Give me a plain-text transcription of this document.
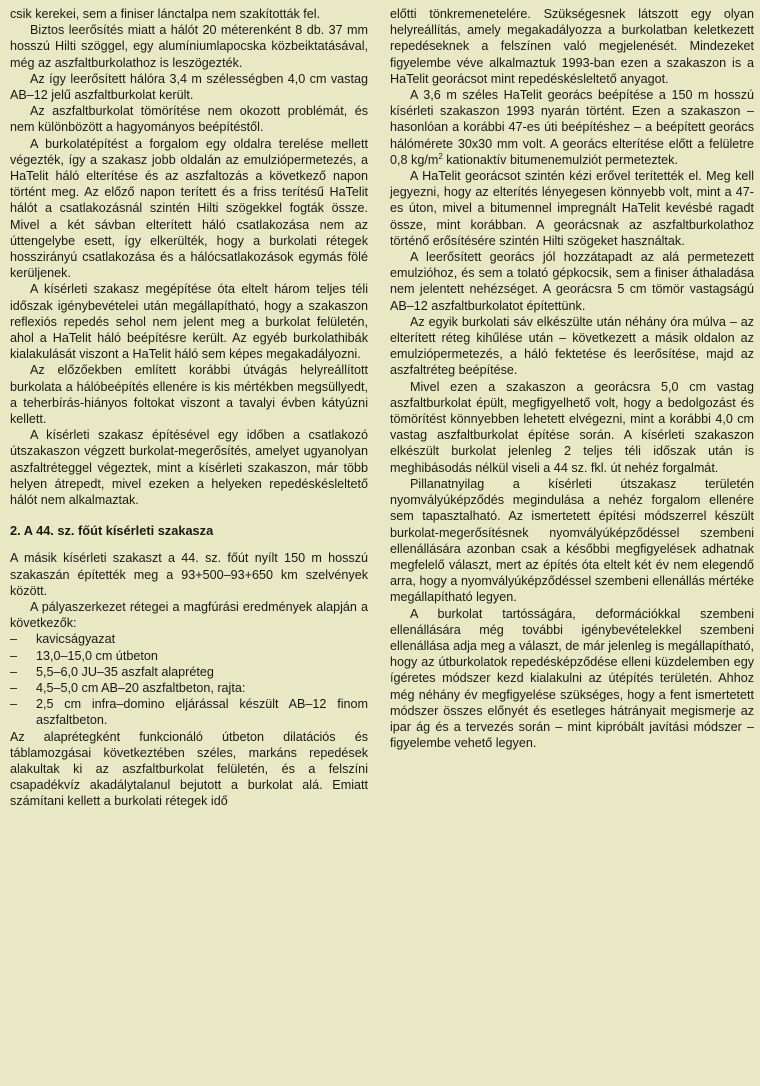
csik kerekei, sem a finiser lánctalpa nem szakították fel.

Biztos leerősítés miatt a hálót 20 méterenként 8 db. 37 mm hosszú Hilti szöggel, egy alumíniumlapocska közbeiktatásával, még az aszfaltburkolathoz is leszögezték.

Az így leerősített hálóra 3,4 m szélességben 4,0 cm vastag AB–12 jelű aszfaltburkolat került.

Az aszfaltburkolat tömörítése nem okozott problémát, és nem különbözött a hagyományos beépítéstől.

A burkolatépítést a forgalom egy oldalra terelése mellett végezték, így a szakasz jobb oldalán az emulziópermetezés, a HaTelit háló elterítése és az aszfaltozás a következő napon történt meg. Az előző napon terített és a friss terítésű HaTelit hálót a csatlakozásnál szintén Hilti szögekkel fogták össze. Mivel a két sávban elterített háló csatlakozása nem az úttengelybe esett, így elkerülték, hogy a burkolati rétegek hosszirányú csatlakozása és a hálócsatlakozások egymás fölé kerüljenek.

A kísérleti szakasz megépítése óta eltelt három teljes téli időszak igénybevételei után megállapítható, hogy a szakaszon reflexiós repedés sehol nem jelent meg a burkolat felületén, ahol a HaTelit háló beépítésre került. Az egyéb burkolathibák kialakulását viszont a HaTelit háló sem képes megakadályozni.

Az előzőekben említett korábbi útvágás helyreállított burkolata a hálóbeépítés ellenére is kis mértékben megsüllyedt, a teherbírás-hiányos foltokat viszont a tavalyi évben kátyúzni kellett.

A kísérleti szakasz építésével egy időben a csatlakozó útszakaszon végzett burkolat-megerősítés, amelyet ugyanolyan aszfaltréteggel végeztek, mint a kísérleti szakaszon, már több helyen átrepedt, mivel ezeken a helyeken repedéskésleltető hálót nem alkalmaztak.

2. A 44. sz. főút kísérleti szakasza

A másik kísérleti szakaszt a 44. sz. főút nyílt 150 m hosszú szakaszán építették meg a 93+500–93+650 km szelvények között.

A pályaszerkezet rétegei a magfúrási eredmények alapján a következők:

–	kavicságyazat
–	13,0–15,0 cm útbeton
–	5,5–6,0 JU–35 aszfalt alapréteg
–	4,5–5,0 cm AB–20 aszfaltbeton, rajta:
–	2,5 cm infra–domino eljárással készült AB–12 finom aszfaltbeton.

Az alaprétegként funkcionáló útbeton dilatációs és táblamozgásai következtében széles, markáns repedések alakultak ki az aszfaltburkolat felületén, és a felszíni csapadékvíz akadálytalanul bejutott a burkolat alá. Emiatt számítani kellett a burkolati rétegek idő

előtti tönkremenetelére. Szükségesnek látszott egy olyan helyreállítás, amely megakadályozza a burkolatban keletkezett repedéseknek a felszínen való megjelenését. Mindezeket figyelembe véve alkalmaztuk 1993-ban ezen a szakaszon is a HaTelit georácsot mint repedéskésleltető anyagot.

A 3,6 m széles HaTelit georács beépítése a 150 m hosszú kísérleti szakaszon 1993 nyarán történt. Ezen a szakaszon – hasonlóan a korábbi 47-es úti beépítéshez – a beépített georács hálómérete 30x30 mm volt. A georács elterítése előtt a felületre 0,8 $kg/m^2$ kationaktív bitumenemulziót permeteztek.

A HaTelit georácsot szintén kézi erővel terítették el. Meg kell jegyezni, hogy az elterítés lényegesen könnyebb volt, mint a 47-es úton, mivel a bitumennel impregnált HaTelit kevésbé ragadt össze, mint korábban. A georácsnak az aszfaltburkolathoz történő erősítésére szintén Hilti szögeket használtak.

A leerősített georács jól hozzátapadt az alá permetezett emulzióhoz, és sem a tolató gépkocsik, sem a finiser áthaladása nem jelentett nehézséget. A georácsra 5 cm tömör vastagságú AB–12 aszfaltburkolatot építettünk.

Az egyik burkolati sáv elkészülte után néhány óra múlva – az elterített réteg kihűlése után – következett a másik oldalon az emulziópermetezés, a háló fektetése és leerősítése, majd az aszfaltréteg beépítése.

Mivel ezen a szakaszon a georácsra 5,0 cm vastag aszfaltburkolat épült, megfigyelhető volt, hogy a bedolgozást és tömörítést könnyebben lehetett elvégezni, mint a korábbi 4,0 cm vastag aszfaltburkolat építése során. A kísérleti szakaszon elkészült burkolat jelenleg 2 teljes téli időszak után is meghibásodás nélkül viseli a 44 sz. fkl. út nehéz forgalmát.

Pillanatnyilag a kísérleti útszakasz területén nyomvályúképződés megindulása a nehéz forgalom ellenére sem tapasztalható. Az ismertetett építési módszerrel készült burkolat-megerősítésnek nyomvályúképződéssel szembeni ellenállására azonban csak a későbbi megfigyelések adhatnak megfelelő választ, mert az építés óta eltelt két év nem elegendő arra, hogy a nyomvályúképződéssel szembeni ellenállás mértéke megállapítható legyen.

A burkolat tartósságára, deformációkkal szembeni ellenállására még további igénybevételekkel szembeni ellenállása adja meg a választ, de már jelenleg is megállapítható, hogy az útburkolatok repedésképződése elleni küzdelemben egy ígéretes módszer kezd kialakulni az útépítés területén. Ahhoz még néhány év megfigyelése szükséges, hogy a fent ismertetett módszer összes előnyét és esetleges hátrányait megismerje az ipar ág és a tervezés során – mint kipróbált javítási módszer – figyelembe vehető legyen.
